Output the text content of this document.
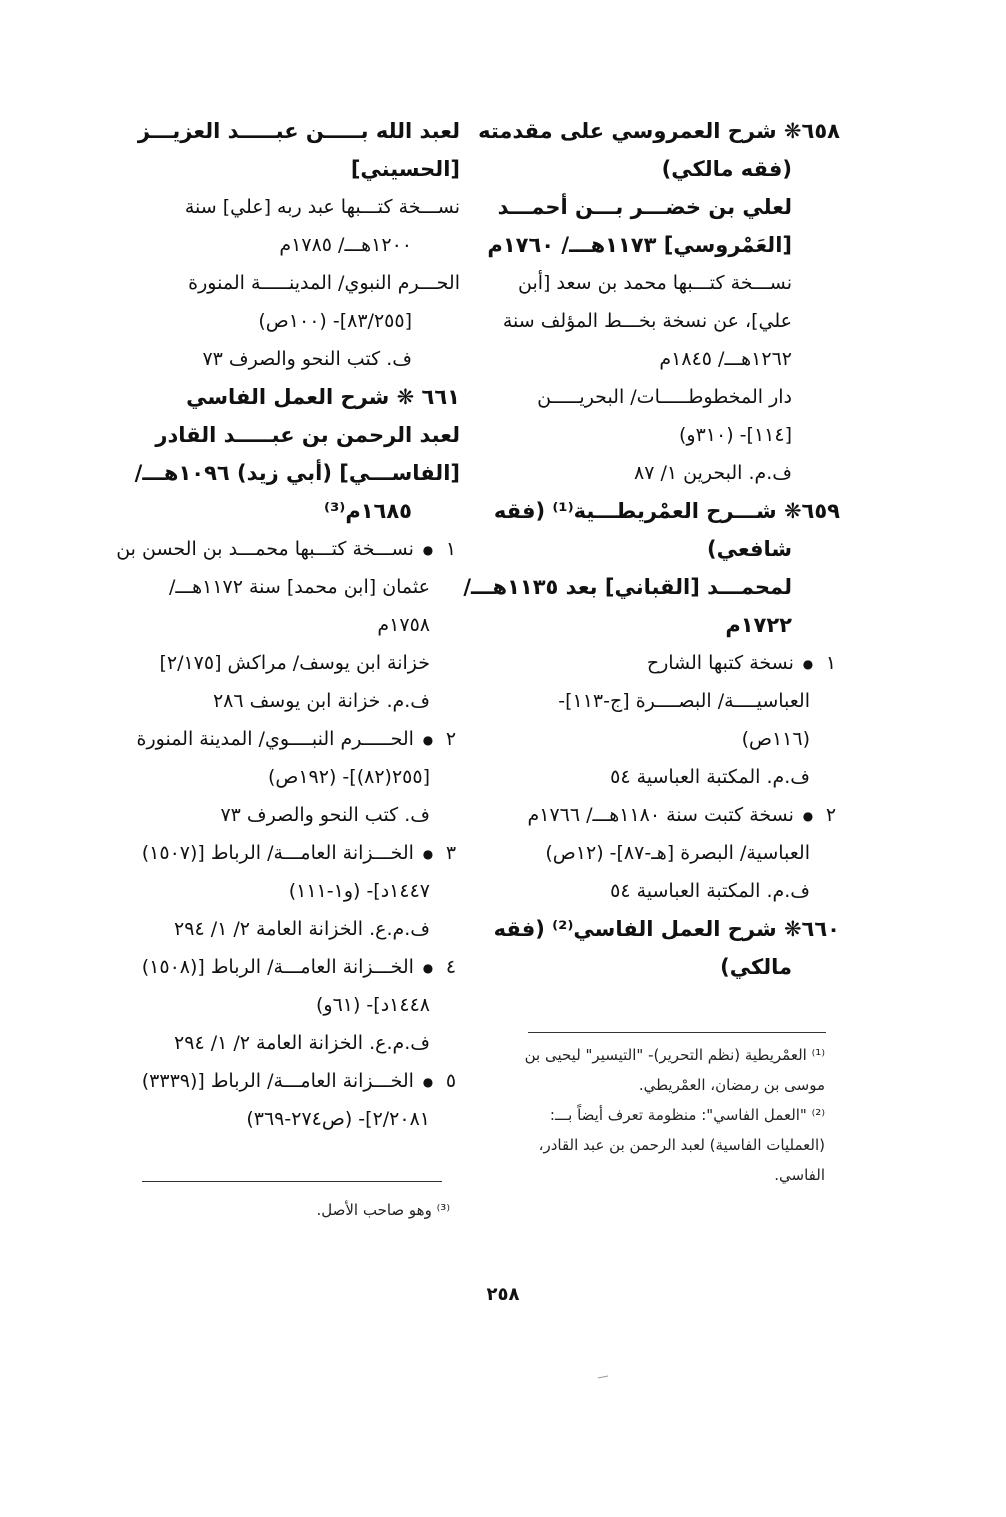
٦٥٨❋ شرح العمروسي على مقدمته
(فقه مالكي)
لعلي بن خضـــر بـــن أحمـــد
[العَمْروسي] ١١٧٣هـــ/ ١٧٦٠م
نســـخة كتـــبها محمد بن سعد [أبن
علي]، عن نسخة بخـــط المؤلف سنة
١٢٦٢هـــ/ ١٨٤٥م
دار المخطوطـــــات/ البحريـــــن
[١١٤]- (٣١٠و)
ف.م. البحرين ١/ ٨٧
٦٥٩❋ شـــرح العمْريطـــية⁽¹⁾ (فقه
شافعي)
لمحمـــد [القباني] بعد ١١٣٥هـــ/
١٧٢٢م
١ ● نسخة كتبها الشارح
العباسيــــة/ البصــــرة [ج-١١٣]-
(١١٦ص)
ف.م. المكتبة العباسية ٥٤
٢ ● نسخة كتبت سنة ١١٨٠هـــ/ ١٧٦٦م
العباسية/ البصرة [هـ-٨٧]- (١٢ص)
ف.م. المكتبة العباسية ٥٤
٦٦٠❋ شرح العمل الفاسي⁽²⁾ (فقه
مالكي)
⁽¹⁾ العمْريطية (نظم التحرير)- "التيسير" ليحيى بن
موسى بن رمضان، العمْريطي.
⁽²⁾ "العمل الفاسي": منظومة تعرف أيضاً بـــ:
(العمليات الفاسية) لعبد الرحمن بن عبد القادر،
الفاسي.
لعبد الله بـــــن عبـــــد العزيـــز
[الحسيني]
نســـخة كتـــبها عبد ربه [علي] سنة
١٢٠٠هـــ/ ١٧٨٥م
الحـــرم النبوي/ المدينـــــة المنورة
[٨٣/٢٥٥]- (١٠٠ص)
ف. كتب النحو والصرف ٧٣
٦٦١ ❋ شرح العمل الفاسي
لعبد الرحمن بن عبـــــد القادر
[الفاســـي] (أبي زيد) ١٠٩٦هـــ/
١٦٨٥م⁽³⁾
١ ● نســـخة كتـــبها محمـــد بن الحسن بن
عثمان [ابن محمد] سنة ١١٧٢هـــ/
١٧٥٨م
خزانة ابن يوسف/ مراكش [٢/١٧٥]
ف.م. خزانة ابن يوسف ٢٨٦
٢ ● الحـــــرم النبــــوي/ المدينة المنورة
[٢٥٥(٨٢)]- (١٩٢ص)
ف. كتب النحو والصرف ٧٣
٣ ● الخـــزانة العامـــة/ الرباط [(١٥٠٧)
١٤٤٧د]- (و١-١١١)
ف.م.ع. الخزانة العامة ٢/ ١/ ٢٩٤
٤ ● الخـــزانة العامـــة/ الرباط [(١٥٠٨)
١٤٤٨د]- (٦١و)
ف.م.ع. الخزانة العامة ٢/ ١/ ٢٩٤
٥ ● الخـــزانة العامـــة/ الرباط [(٣٣٣٩)
٢/٢٠٨١]- (ص٢٧٤-٣٦٩)
⁽³⁾ وهو صاحب الأصل.
٢٥٨
